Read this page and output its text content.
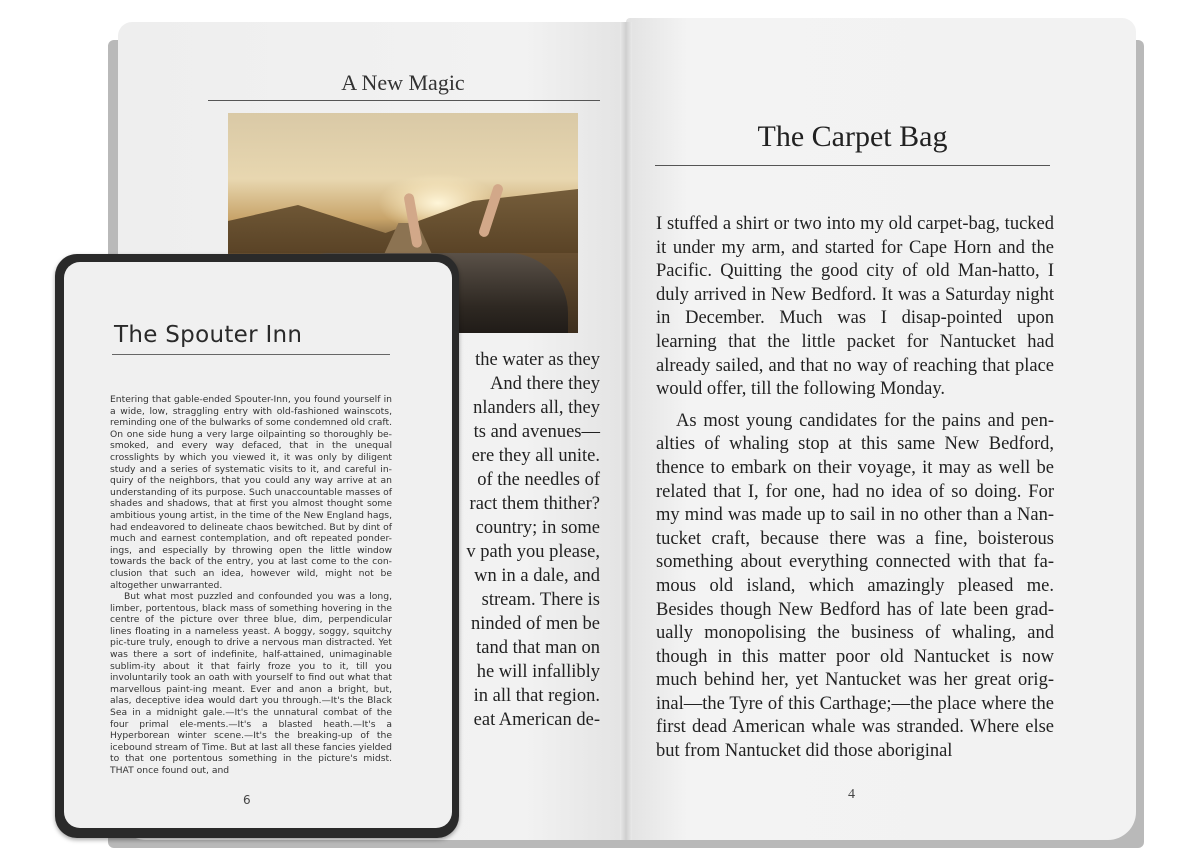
A New Magic
the water as they
And there they
nlanders all, they
ts and avenues—
ere they all unite.
of the needles of
ract them thither?
country; in some
v path you please,
wn in a dale, and
stream. There is
ninded of men be
tand that man on
he will infallibly
in all that region.
eat American de-
The Carpet Bag

I stuffed a shirt or two into my old carpet-bag, tucked it under my arm, and started for Cape Horn and the Pacific. Quitting the good city of old Man-hatto, I duly arrived in New Bedford. It was a Saturday night in December. Much was I disap-pointed upon learning that the little packet for Nantucket had already sailed, and that no way of reaching that place would offer, till the following Monday.

As most young candidates for the pains and pen-alties of whaling stop at this same New Bedford, thence to embark on their voyage, it may as well be related that I, for one, had no idea of so doing. For my mind was made up to sail in no other than a Nan-tucket craft, because there was a fine, boisterous something about everything connected with that fa-mous old island, which amazingly pleased me. Besides though New Bedford has of late been grad-ually monopolising the business of whaling, and though in this matter poor old Nantucket is now much behind her, yet Nantucket was her great orig-inal—the Tyre of this Carthage;—the place where the first dead American whale was stranded. Where else but from Nantucket did those aboriginal

4
The Spouter Inn

Entering that gable-ended Spouter-Inn, you found yourself in a wide, low, straggling entry with old-fashioned wainscots, reminding one of the bulwarks of some condemned old craft. On one side hung a very large oilpainting so thoroughly be-smoked, and every way defaced, that in the unequal crosslights by which you viewed it, it was only by diligent study and a series of systematic visits to it, and careful in-quiry of the neighbors, that you could any way arrive at an understanding of its purpose. Such unaccountable masses of shades and shadows, that at first you almost thought some ambitious young artist, in the time of the New England hags, had endeavored to delineate chaos bewitched. But by dint of much and earnest contemplation, and oft repeated ponder-ings, and especially by throwing open the little window towards the back of the entry, you at last come to the con-clusion that such an idea, however wild, might not be altogether unwarranted.

But what most puzzled and confounded you was a long, limber, portentous, black mass of something hovering in the centre of the picture over three blue, dim, perpendicular lines floating in a nameless yeast. A boggy, soggy, squitchy pic-ture truly, enough to drive a nervous man distracted. Yet was there a sort of indefinite, half-attained, unimaginable sublim-ity about it that fairly froze you to it, till you involuntarily took an oath with yourself to find out what that marvellous paint-ing meant. Ever and anon a bright, but, alas, deceptive idea would dart you through.—It's the Black Sea in a midnight gale.—It's the unnatural combat of the four primal ele-ments.—It's a blasted heath.—It's a Hyperborean winter scene.—It's the breaking-up of the icebound stream of Time. But at last all these fancies yielded to that one portentous something in the picture's midst. THAT once found out, and

6
